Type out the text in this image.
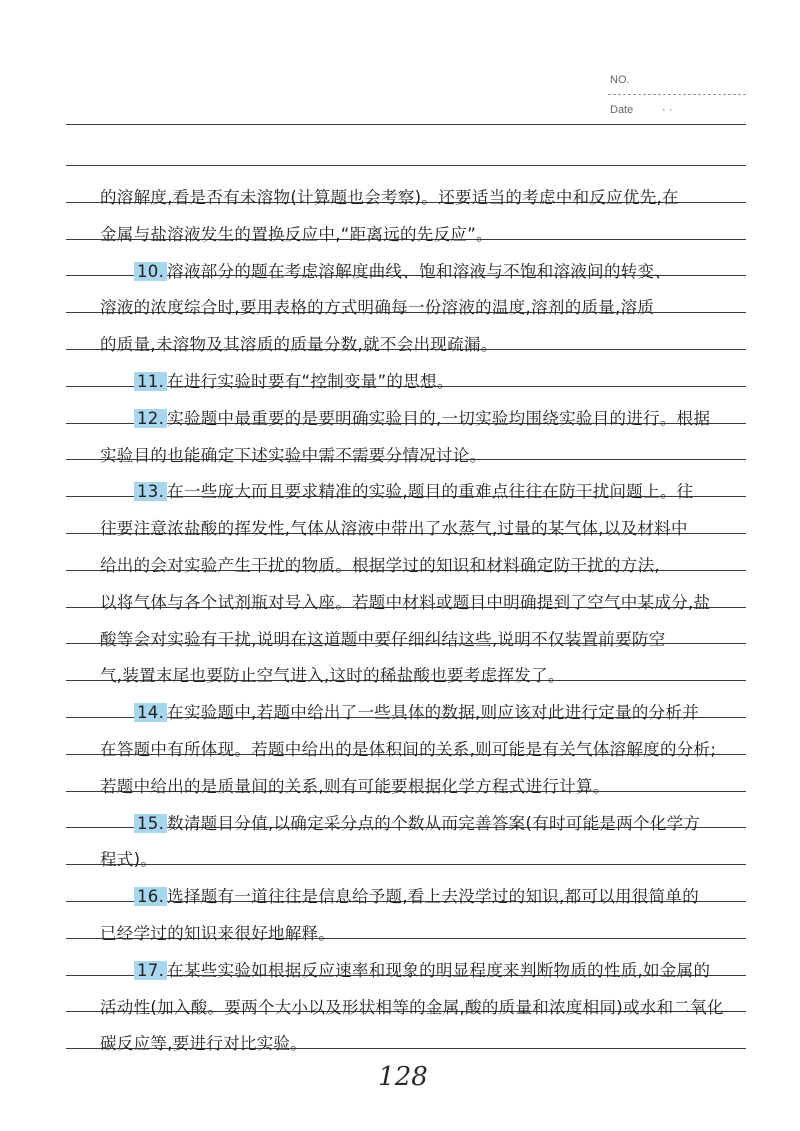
NO.
Date	· ·
的溶解度,看是否有未溶物(计算题也会考察)。还要适当的考虑中和反应优先,在
金属与盐溶液发生的置换反应中,“距离远的先反应”。
10. 溶液部分的题在考虑溶解度曲线、饱和溶液与不饱和溶液间的转变、
溶液的浓度综合时,要用表格的方式明确每一份溶液的温度,溶剂的质量,溶质
的质量,未溶物及其溶质的质量分数,就不会出现疏漏。
11. 在进行实验时要有“控制变量”的思想。
12. 实验题中最重要的是要明确实验目的,一切实验均围绕实验目的进行。根据
实验目的也能确定下述实验中需不需要分情况讨论。
13. 在一些庞大而且要求精准的实验,题目的重难点往往在防干扰问题上。往
往要注意浓盐酸的挥发性,气体从溶液中带出了水蒸气,过量的某气体,以及材料中
给出的会对实验产生干扰的物质。根据学过的知识和材料确定防干扰的方法,
以将气体与各个试剂瓶对号入座。若题中材料或题目中明确提到了空气中某成分,盐
酸等会对实验有干扰,说明在这道题中要仔细纠结这些,说明不仅装置前要防空
气,装置末尾也要防止空气进入,这时的稀盐酸也要考虑挥发了。
14. 在实验题中,若题中给出了一些具体的数据,则应该对此进行定量的分析并
在答题中有所体现。若题中给出的是体积间的关系,则可能是有关气体溶解度的分析;
若题中给出的是质量间的关系,则有可能要根据化学方程式进行计算。
15. 数清题目分值,以确定采分点的个数从而完善答案(有时可能是两个化学方
程式)。
16. 选择题有一道往往是信息给予题,看上去没学过的知识,都可以用很简单的
已经学过的知识来很好地解释。
17. 在某些实验如根据反应速率和现象的明显程度来判断物质的性质,如金属的
活动性(加入酸。要两个大小以及形状相等的金属,酸的质量和浓度相同)或水和二氧化
碳反应等,要进行对比实验。
128
